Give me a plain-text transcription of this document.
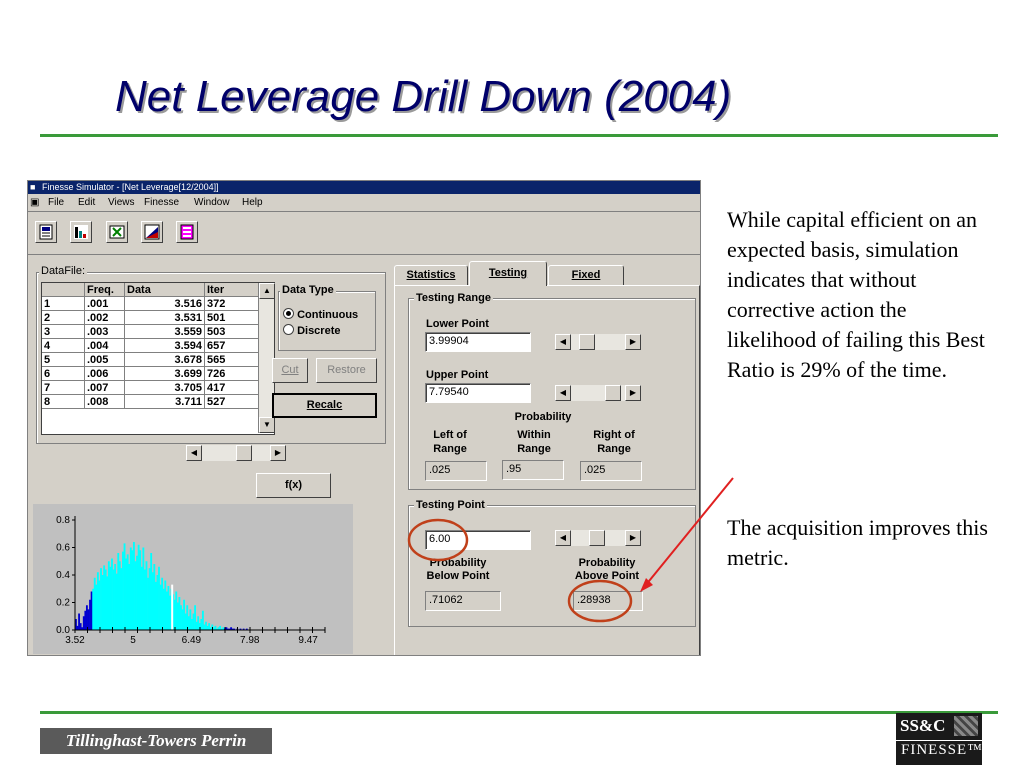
Net Leverage Drill Down (2004)
■ Finesse Simulator - [Net Leverage[12/2004]]
▣ File Edit Views Finesse Window Help
DataFile:
Freq.	Data	Iter
1	.001	3.516 372
2	.002	3.531 501
3	.003	3.559 503
4	.004	3.594 657
5	.005	3.678 565
6	.006	3.699 726
7	.007	3.705 417
8	.008	3.711 527
▲
▼
Data Type
Continuous
Discrete
Cut	Restore
Recalc
◀	▶
f(x)
0.8
0.6
0.4
0.2
0.0
3.52	5	6.49	7.98	9.47
Statistics	Testing	Fixed
Testing Range
Lower Point
3.99904	◀	▶
Upper Point
7.79540	◀	▶
Probability
Left of
Range
Within
Range
Right of
Range
.025	.95	.025
Testing Point
6.00	◀	▶
Probability
Below Point
Probability
Above Point
.71062	.28938
While capital efficient on an expected basis, simulation indicates that without corrective action the likelihood of failing this Best Ratio is 29% of the time.
The acquisition improves this metric.
Tillinghast-Towers Perrin
SS&C
FINESSE™
